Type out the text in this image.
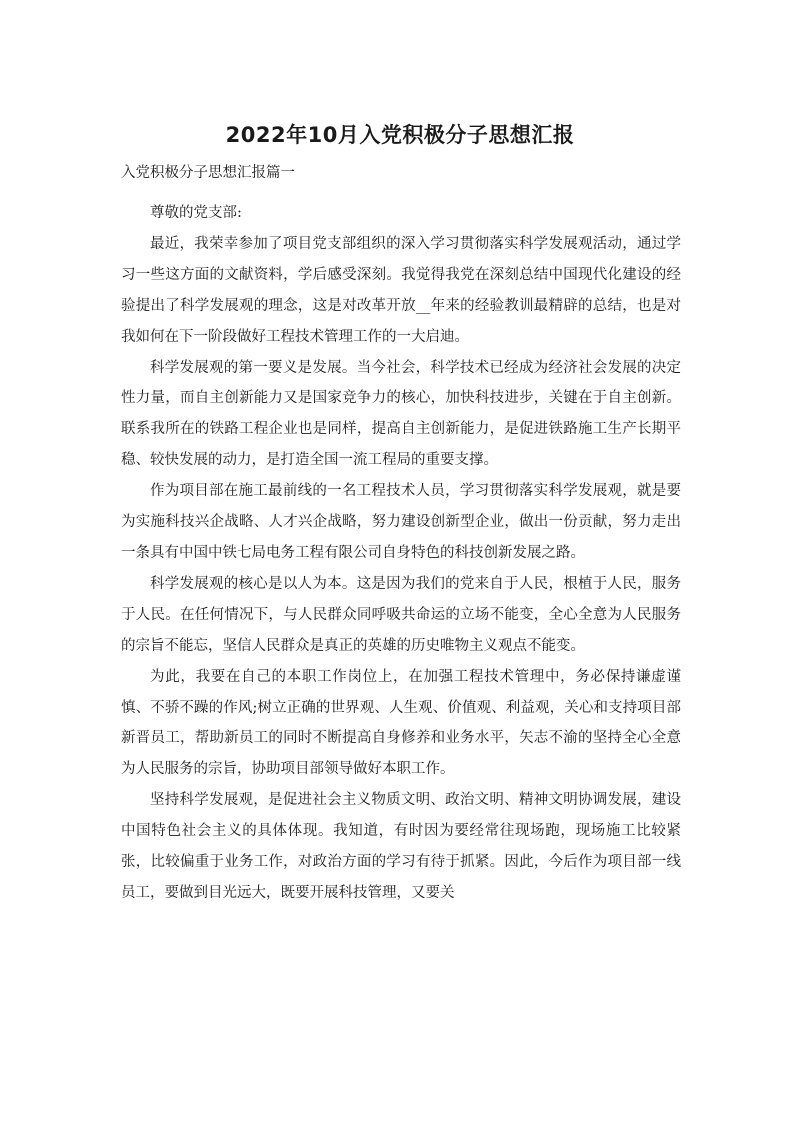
2022年10月入党积极分子思想汇报
入党积极分子思想汇报篇一

尊敬的党支部:

最近，我荣幸参加了项目党支部组织的深入学习贯彻落实科学发展观活动，通过学习一些这方面的文献资料，学后感受深刻。我觉得我党在深刻总结中国现代化建设的经验提出了科学发展观的理念，这是对改革开放__年来的经验教训最精辟的总结，也是对我如何在下一阶段做好工程技术管理工作的一大启迪。

科学发展观的第一要义是发展。当今社会，科学技术已经成为经济社会发展的决定性力量，而自主创新能力又是国家竞争力的核心，加快科技进步，关键在于自主创新。联系我所在的铁路工程企业也是同样，提高自主创新能力，是促进铁路施工生产长期平稳、较快发展的动力，是打造全国一流工程局的重要支撑。

作为项目部在施工最前线的一名工程技术人员，学习贯彻落实科学发展观，就是要为实施科技兴企战略、人才兴企战略，努力建设创新型企业，做出一份贡献，努力走出一条具有中国中铁七局电务工程有限公司自身特色的科技创新发展之路。

科学发展观的核心是以人为本。这是因为我们的党来自于人民，根植于人民，服务于人民。在任何情况下，与人民群众同呼吸共命运的立场不能变，全心全意为人民服务的宗旨不能忘，坚信人民群众是真正的英雄的历史唯物主义观点不能变。

为此，我要在自己的本职工作岗位上，在加强工程技术管理中，务必保持谦虚谨慎、不骄不躁的作风;树立正确的世界观、人生观、价值观、利益观，关心和支持项目部新晋员工，帮助新员工的同时不断提高自身修养和业务水平，矢志不渝的坚持全心全意为人民服务的宗旨，协助项目部领导做好本职工作。

坚持科学发展观，是促进社会主义物质文明、政治文明、精神文明协调发展，建设中国特色社会主义的具体体现。我知道，有时因为要经常往现场跑，现场施工比较紧张，比较偏重于业务工作，对政治方面的学习有待于抓紧。因此，今后作为项目部一线员工，要做到目光远大，既要开展科技管理，又要关
